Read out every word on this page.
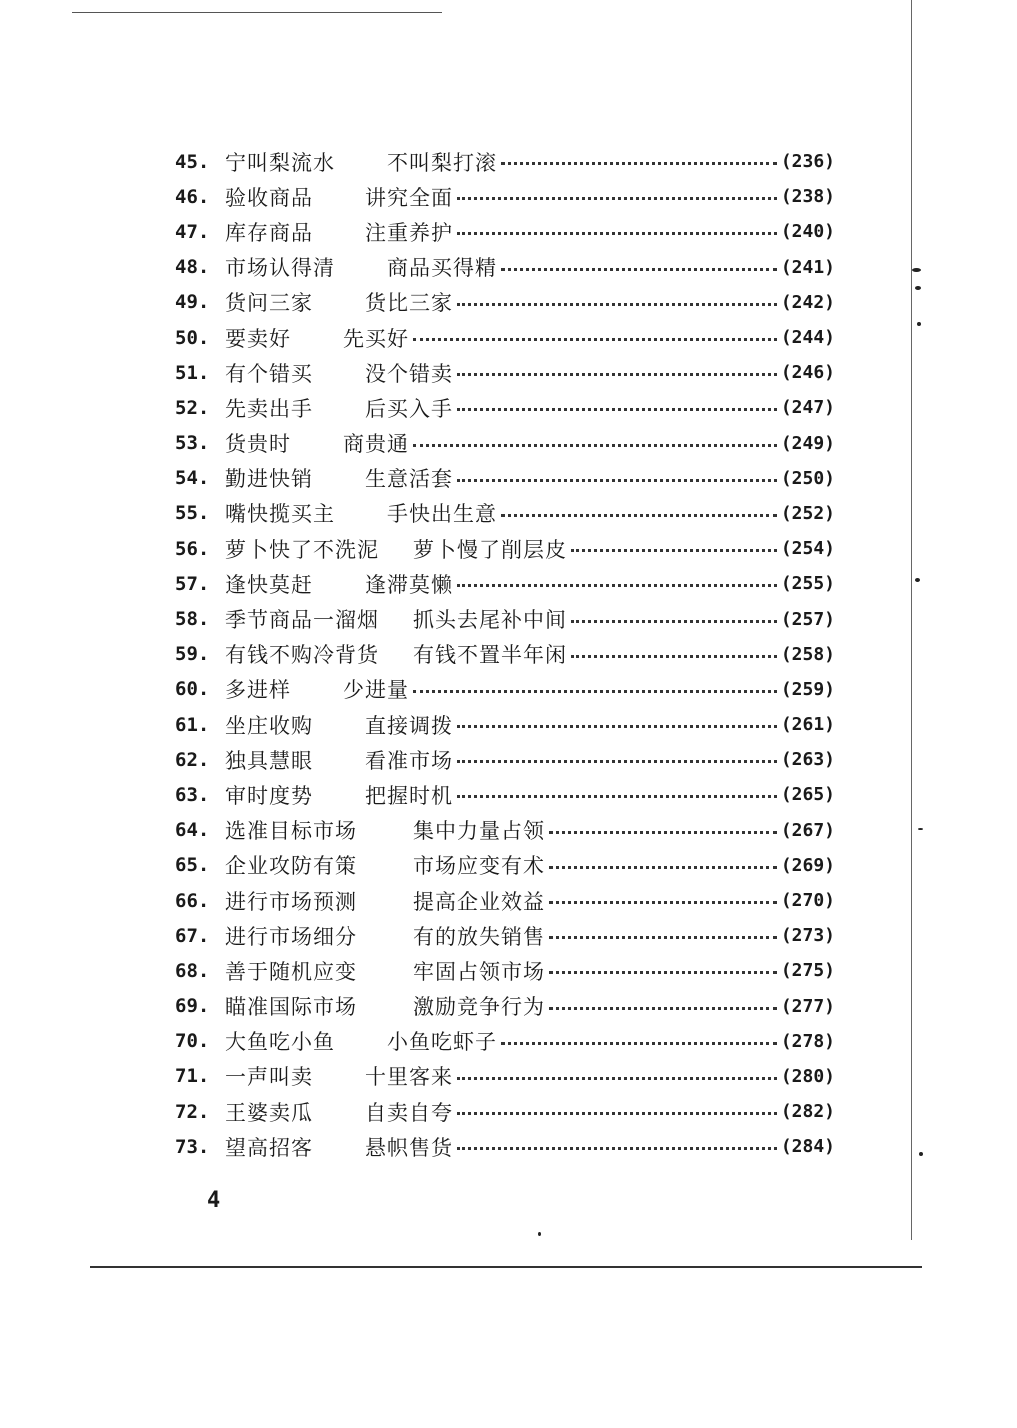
45. 宁叫梨流水	不叫梨打滚	(236)
46. 验收商品	讲究全面	(238)
47. 库存商品	注重养护	(240)
48. 市场认得清	商品买得精	(241)
49. 货问三家	货比三家	(242)
50. 要卖好	先买好	(244)
51. 有个错买	没个错卖	(246)
52. 先卖出手	后买入手	(247)
53. 货贵时	商贵通	(249)
54. 勤进快销	生意活套	(250)
55. 嘴快揽买主	手快出生意	(252)
56. 萝卜快了不洗泥	萝卜慢了削层皮	(254)
57. 逢快莫赶	逢滞莫懒	(255)
58. 季节商品一溜烟	抓头去尾补中间	(257)
59. 有钱不购冷背货	有钱不置半年闲	(258)
60. 多进样	少进量	(259)
61. 坐庄收购	直接调拨	(261)
62. 独具慧眼	看准市场	(263)
63. 审时度势	把握时机	(265)
64. 选准目标市场	集中力量占领	(267)
65. 企业攻防有策	市场应变有术	(269)
66. 进行市场预测	提高企业效益	(270)
67. 进行市场细分	有的放失销售	(273)
68. 善于随机应变	牢固占领市场	(275)
69. 瞄准国际市场	激励竞争行为	(277)
70. 大鱼吃小鱼	小鱼吃虾子	(278)
71. 一声叫卖	十里客来	(280)
72. 王婆卖瓜	自卖自夸	(282)
73. 望高招客	悬帜售货	(284)
4
